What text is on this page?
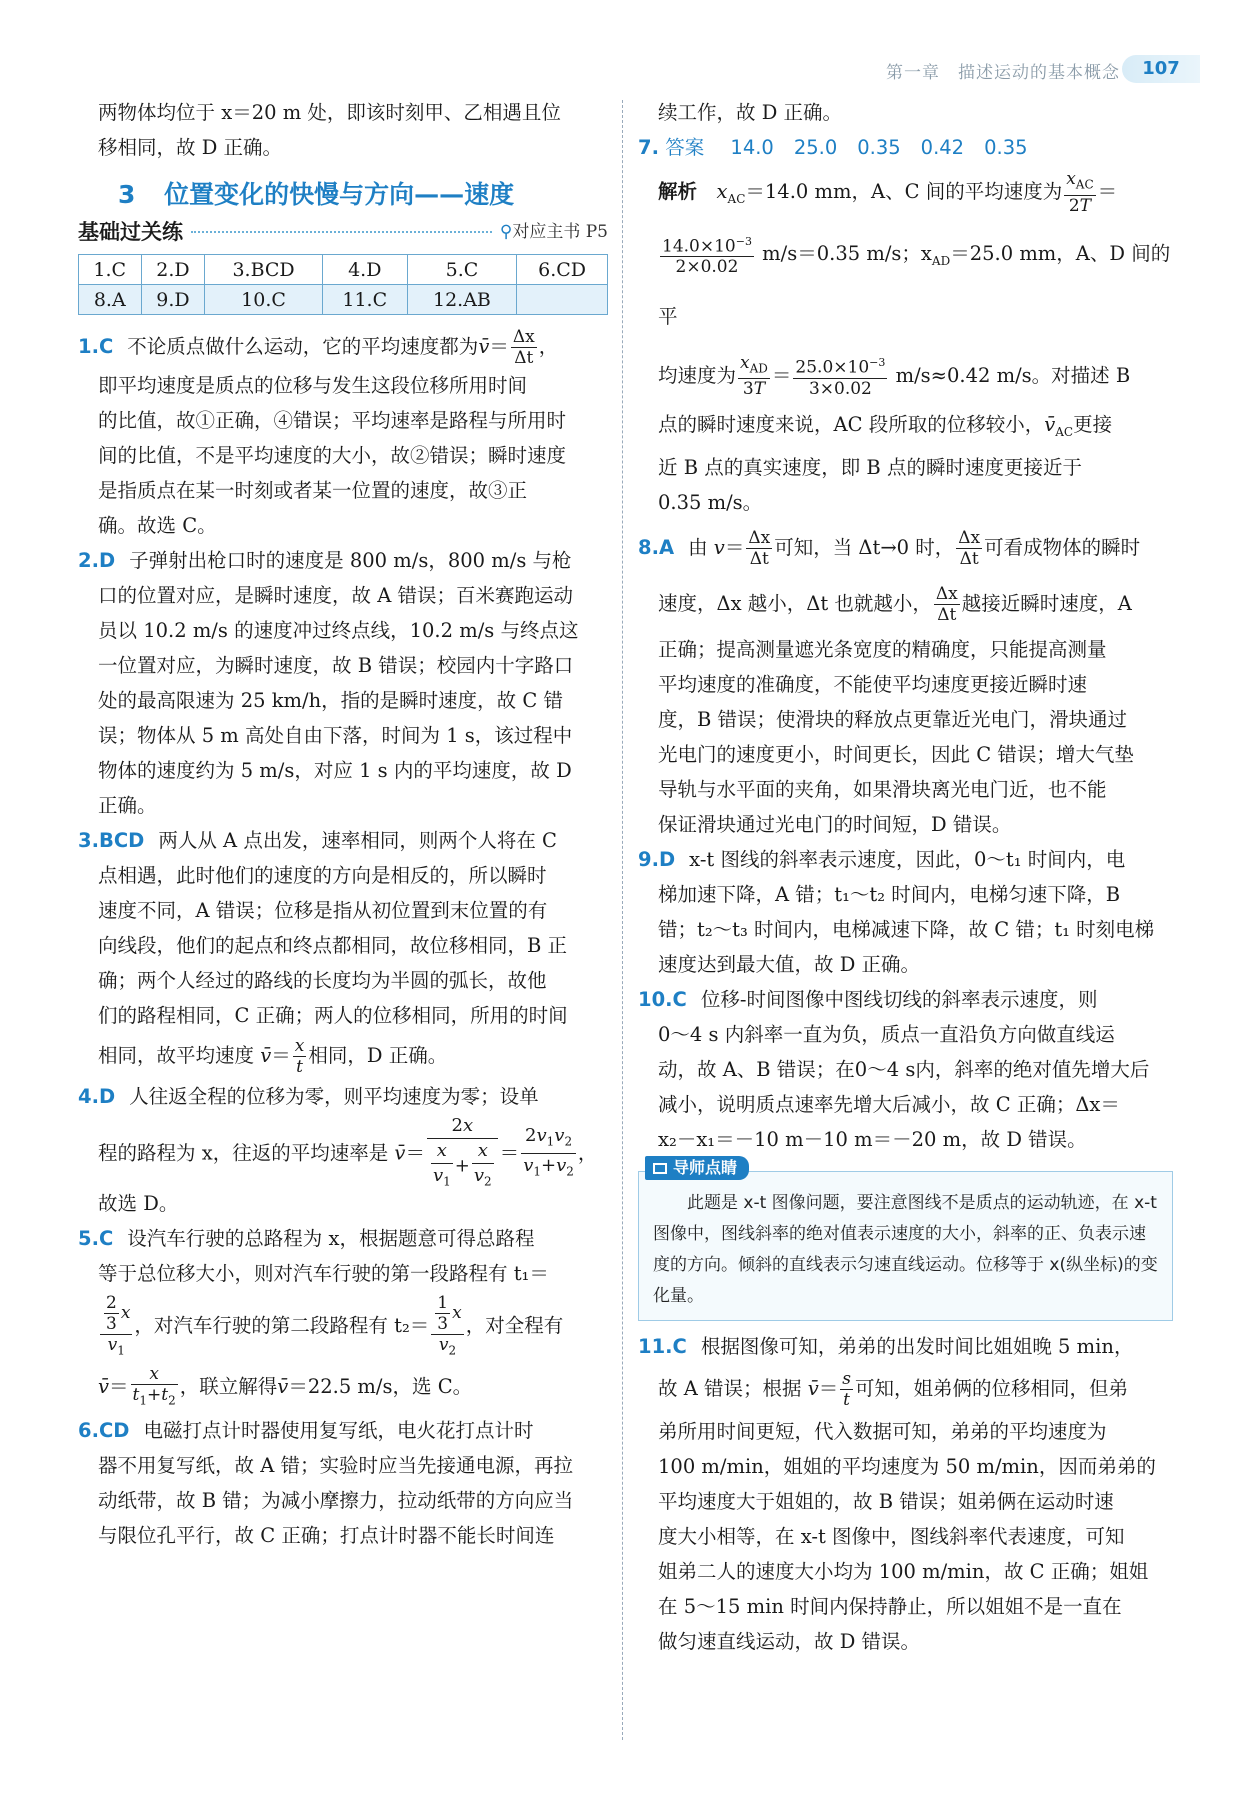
第一章　描述运动的基本概念	107
两物体均位于 x＝20 m 处，即该时刻甲、乙相遇且位
移相同，故 D 正确。
3 位置变化的快慢与方向——速度
基础过关练	⚲对应主书 P5
1.C	2.D	3.BCD	4.D	5.C	6.CD
8.A	9.D	10.C	11.C	12.AB	
1.C 不论质点做什么运动，它的平均速度都为v̄＝ $\frac{\Delta x}{\Delta t}$ ，
即平均速度是质点的位移与发生这段位移所用时间
的比值，故①正确，④错误；平均速率是路程与所用时
间的比值，不是平均速度的大小，故②错误；瞬时速度
是指质点在某一时刻或者某一位置的速度，故③正
确。故选 C。
2.D 子弹射出枪口时的速度是 800 m/s，800 m/s 与枪
口的位置对应，是瞬时速度，故 A 错误；百米赛跑运动
员以 10.2 m/s 的速度冲过终点线，10.2 m/s 与终点这
一位置对应，为瞬时速度，故 B 错误；校园内十字路口
处的最高限速为 25 km/h，指的是瞬时速度，故 C 错
误；物体从 5 m 高处自由下落，时间为 1 s，该过程中
物体的速度约为 5 m/s，对应 1 s 内的平均速度，故 D
正确。
3.BCD 两人从 A 点出发，速率相同，则两个人将在 C
点相遇，此时他们的速度的方向是相反的，所以瞬时
速度不同，A 错误；位移是指从初位置到末位置的有
向线段，他们的起点和终点都相同，故位移相同，B 正
确；两个人经过的路线的长度均为半圆的弧长，故他
们的路程相同，C 正确；两人的位移相同，所用的时间
相同，故平均速度 v̄＝ $\frac{x}{t}$ 相同，D 正确。
4.D 人往返全程的位移为零，则平均速度为零；设单
程的路程为 x，往返的平均速率是 v̄＝ $\frac{2x}{\frac{x}{v_1} + \frac{x}{v_2}} = \frac{2v_1v_2}{v_1+v_2}$ ，
故选 D。
5.C 设汽车行驶的总路程为 x，根据题意可得总路程
等于总位移大小，则对汽车行驶的第一段路程有 t₁＝
$\frac{\frac{2}{3} x}{v_1}$ ，对汽车行驶的第二段路程有 $t_2= \frac{\frac{1}{3} x}{v_2}$ ，对全程有
v̄＝ $\frac{x}{t_1+t_2}$ ，联立解得v̄＝22.5 m/s，选 C。
6.CD 电磁打点计时器使用复写纸，电火花打点计时
器不用复写纸，故 A 错；实验时应当先接通电源，再拉
动纸带，故 B 错；为减小摩擦力，拉动纸带的方向应当
与限位孔平行，故 C 正确；打点计时器不能长时间连
续工作，故 D 正确。
7. 答案 14.0 25.0 0.35 0.42 0.35
解析　 $x_{AC}=14.0$ mm，A、C 间的平均速度为 $\frac{x_{AC}}{2T}$ ＝
$\frac{14.0\times 10^{-3}}{2\times 0.02} m/s=0.35$ m/s；$x_{AD}=25.0$ mm，A、D 间的平
均速度为 $\frac{x_{AD}}{3T} = \frac{25.0\times 10^{-3}}{3\times 0.02} m/s\approx 0.42$ m/s。对描述 B
点的瞬时速度来说，AC 段所取的位移较小，$v̄_{AC}$更接
近 B 点的真实速度，即 B 点的瞬时速度更接近于
0.35 m/s。
8.A 由 $v= \frac{\Delta x}{\Delta t}$ 可知，当 Δt→0 时， $\frac{\Delta x}{\Delta t}$ 可看成物体的瞬时
速度，Δx 越小，Δt 也就越小， $\frac{\Delta x}{\Delta t}$ 越接近瞬时速度，A
正确；提高测量遮光条宽度的精确度，只能提高测量
平均速度的准确度，不能使平均速度更接近瞬时速
度，B 错误；使滑块的释放点更靠近光电门，滑块通过
光电门的速度更小，时间更长，因此 C 错误；增大气垫
导轨与水平面的夹角，如果滑块离光电门近，也不能
保证滑块通过光电门的时间短，D 错误。
9.D x-t 图线的斜率表示速度，因此，0～t₁ 时间内，电
梯加速下降，A 错；t₁～t₂ 时间内，电梯匀速下降，B
错；t₂～t₃ 时间内，电梯减速下降，故 C 错；t₁ 时刻电梯
速度达到最大值，故 D 正确。
10.C 位移-时间图像中图线切线的斜率表示速度，则
0～4 s 内斜率一直为负，质点一直沿负方向做直线运
动，故 A、B 错误；在0～4 s内，斜率的绝对值先增大后
减小，说明质点速率先增大后减小，故 C 正确；Δx＝
x₂－x₁＝－10 m－10 m＝－20 m，故 D 错误。
导师点睛
此题是 x-t 图像问题，要注意图线不是质点的运动轨迹，在 x-t 图像中，图线斜率的绝对值表示速度的大小，斜率的正、负表示速度的方向。倾斜的直线表示匀速直线运动。位移等于 x(纵坐标)的变化量。
11.C 根据图像可知，弟弟的出发时间比姐姐晚 5 min，
故 A 错误；根据 v̄＝ $\frac{s}{t}$ 可知，姐弟俩的位移相同，但弟
弟所用时间更短，代入数据可知，弟弟的平均速度为
100 m/min，姐姐的平均速度为 50 m/min，因而弟弟的
平均速度大于姐姐的，故 B 错误；姐弟俩在运动时速
度大小相等，在 x-t 图像中，图线斜率代表速度，可知
姐弟二人的速度大小均为 100 m/min，故 C 正确；姐姐
在 5～15 min 时间内保持静止，所以姐姐不是一直在
做匀速直线运动，故 D 错误。
